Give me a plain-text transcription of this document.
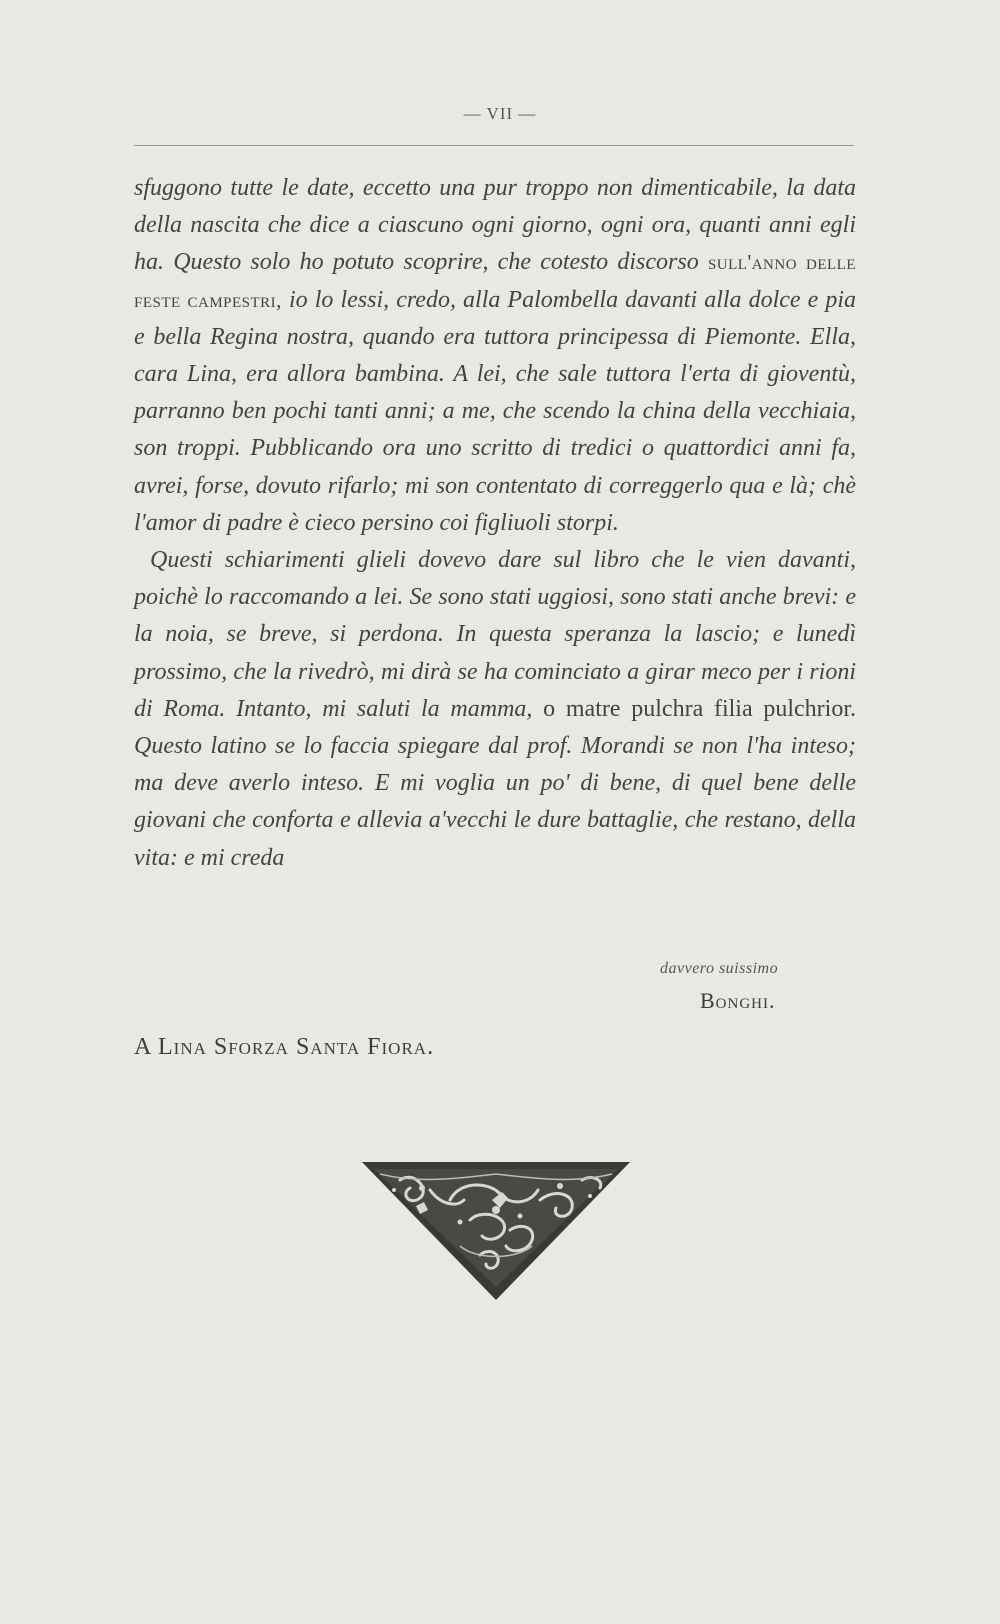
— VII —

sfuggono tutte le date, eccetto una pur troppo non dimenticabile, la data della nascita che dice a ciascuno ogni giorno, ogni ora, quanti anni egli ha. Questo solo ho potuto scoprire, che cotesto discorso sull'anno delle feste campestri, io lo lessi, credo, alla Palombella davanti alla dolce e pia e bella Regina nostra, quando era tuttora principessa di Piemonte. Ella, cara Lina, era allora bambina. A lei, che sale tuttora l'erta di gioventù, parranno ben pochi tanti anni; a me, che scendo la china della vecchiaia, son troppi. Pubblicando ora uno scritto di tredici o quattordici anni fa, avrei, forse, dovuto rifarlo; mi son contentato di correggerlo qua e là; chè l'amor di padre è cieco persino coi figliuoli storpi.

Questi schiarimenti glieli dovevo dare sul libro che le vien davanti, poichè lo raccomando a lei. Se sono stati uggiosi, sono stati anche brevi: e la noia, se breve, si perdona. In questa speranza la lascio; e lunedì prossimo, che la rivedrò, mi dirà se ha cominciato a girar meco per i rioni di Roma. Intanto, mi saluti la mamma, o matre pulchra filia pulchrior. Questo latino se lo faccia spiegare dal prof. Morandi se non l'ha inteso; ma deve averlo inteso. E mi voglia un po' di bene, di quel bene delle giovani che conforta e allevia a'vecchi le dure battaglie, che restano, della vita: e mi creda

davvero suissimo
Bonghi.
A Lina Sforza Santa Fiora.
